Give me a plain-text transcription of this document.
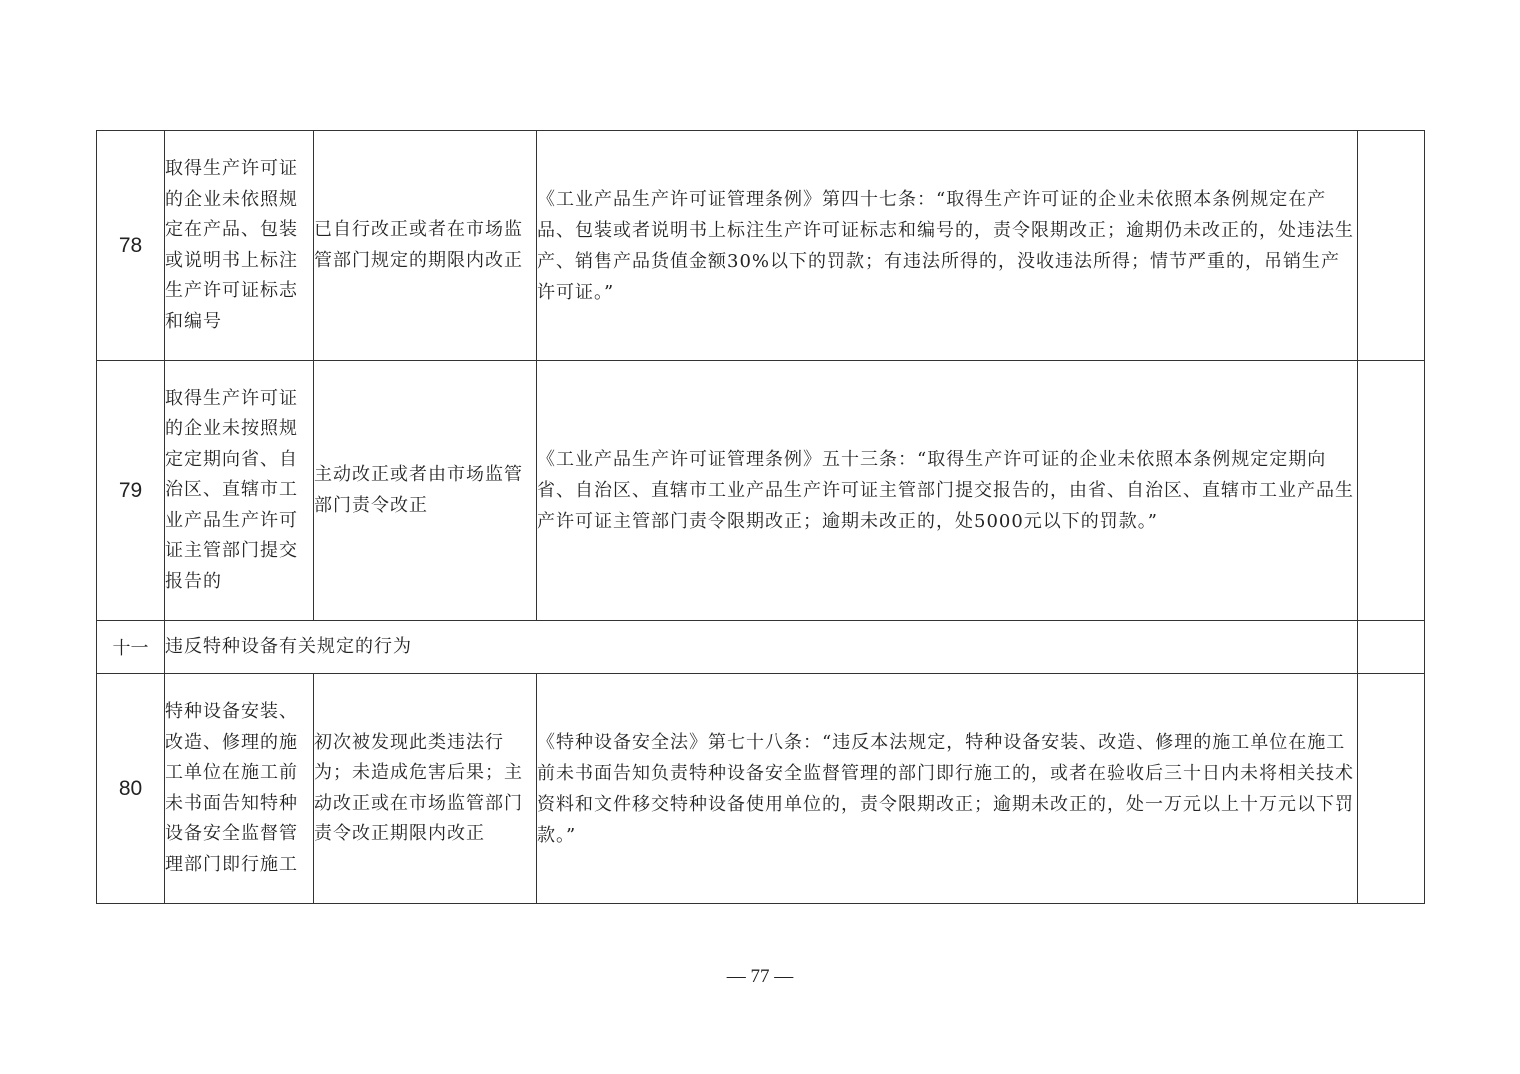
78	取得生产许可证的企业未依照规定在产品、包装或说明书上标注生产许可证标志和编号	已自行改正或者在市场监管部门规定的期限内改正	《工业产品生产许可证管理条例》第四十七条：“取得生产许可证的企业未依照本条例规定在产品、包装或者说明书上标注生产许可证标志和编号的，责令限期改正；逾期仍未改正的，处违法生产、销售产品货值金额30%以下的罚款；有违法所得的，没收违法所得；情节严重的，吊销生产许可证。”	
79	取得生产许可证的企业未按照规定定期向省、自治区、直辖市工业产品生产许可证主管部门提交报告的	主动改正或者由市场监管部门责令改正	《工业产品生产许可证管理条例》五十三条：“取得生产许可证的企业未依照本条例规定定期向省、自治区、直辖市工业产品生产许可证主管部门提交报告的，由省、自治区、直辖市工业产品生产许可证主管部门责令限期改正；逾期未改正的，处5000元以下的罚款。”	
十一	违反特种设备有关规定的行为			
80	特种设备安装、改造、修理的施工单位在施工前未书面告知特种设备安全监督管理部门即行施工	初次被发现此类违法行为；未造成危害后果；主动改正或在市场监管部门责令改正期限内改正	《特种设备安全法》第七十八条：“违反本法规定，特种设备安装、改造、修理的施工单位在施工前未书面告知负责特种设备安全监督管理的部门即行施工的，或者在验收后三十日内未将相关技术资料和文件移交特种设备使用单位的，责令限期改正；逾期未改正的，处一万元以上十万元以下罚款。”	
— 77 —
